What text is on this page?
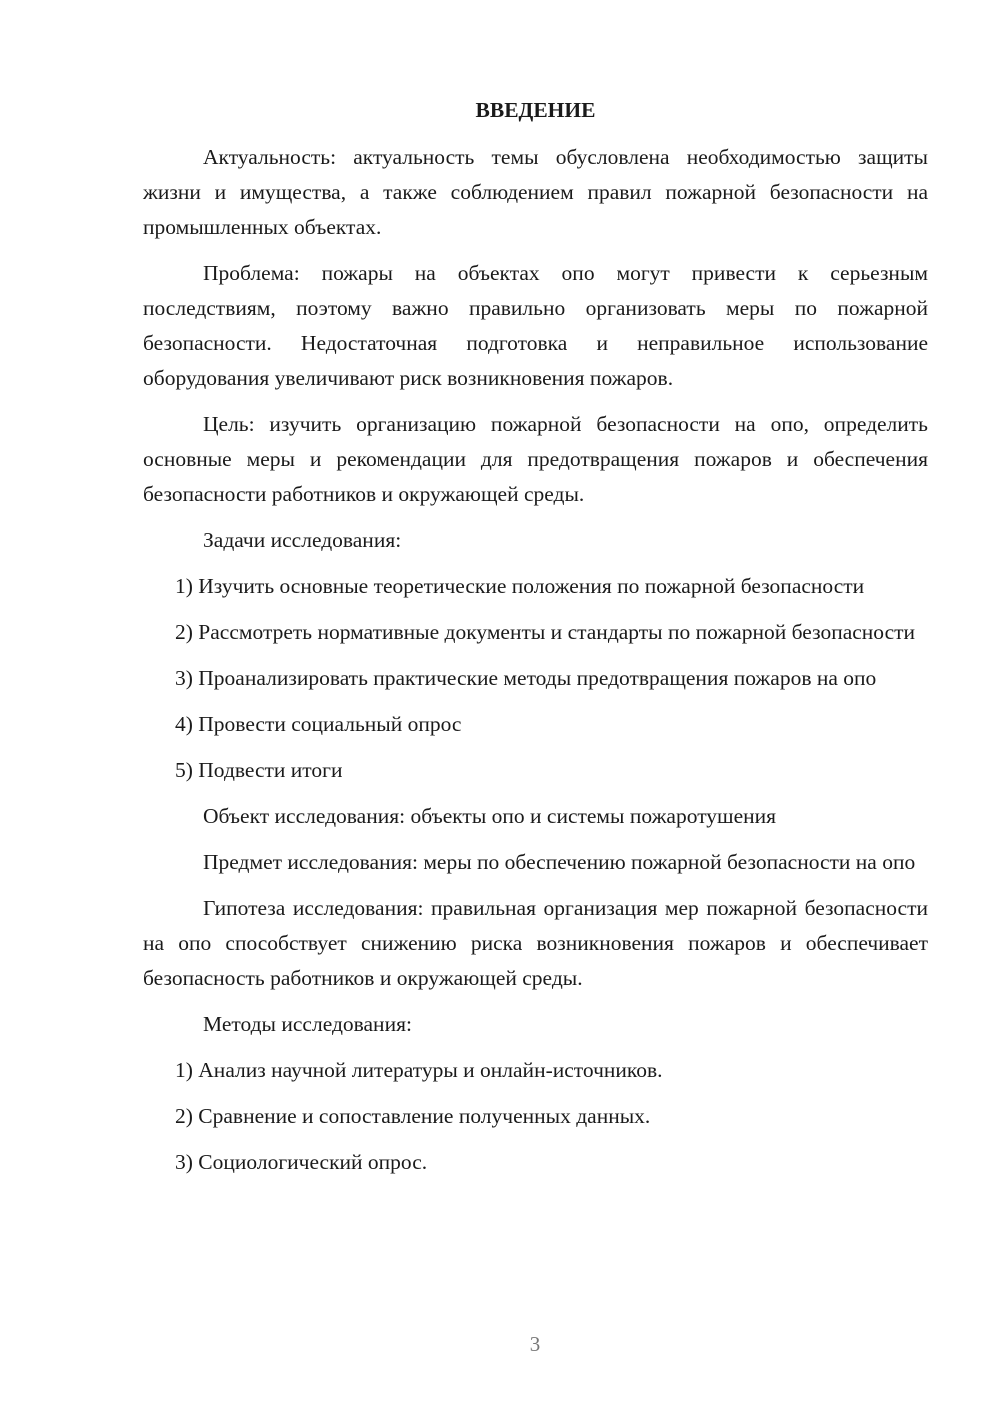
ВВЕДЕНИЕ

Актуальность: актуальность темы обусловлена необходимостью защиты жизни и имущества, а также соблюдением правил пожарной безопасности на промышленных объектах.

Проблема: пожары на объектах опо могут привести к серьезным последствиям, поэтому важно правильно организовать меры по пожарной безопасности. Недостаточная подготовка и неправильное использование оборудования увеличивают риск возникновения пожаров.

Цель: изучить организацию пожарной безопасности на опо, определить основные меры и рекомендации для предотвращения пожаров и обеспечения безопасности работников и окружающей среды.

Задачи исследования:

1) Изучить основные теоретические положения по пожарной безопасности

2) Рассмотреть нормативные документы и стандарты по пожарной безопасности

3) Проанализировать практические методы предотвращения пожаров на опо

4) Провести социальный опрос

5) Подвести итоги

Объект исследования: объекты опо и системы пожаротушения

Предмет исследования: меры по обеспечению пожарной безопасности на опо

Гипотеза исследования: правильная организация мер пожарной безопасности на опо способствует снижению риска возникновения пожаров и обеспечивает безопасность работников и окружающей среды.

Методы исследования:

1) Анализ научной литературы и онлайн-источников.

2) Сравнение и сопоставление полученных данных.

3) Социологический опрос.

3
